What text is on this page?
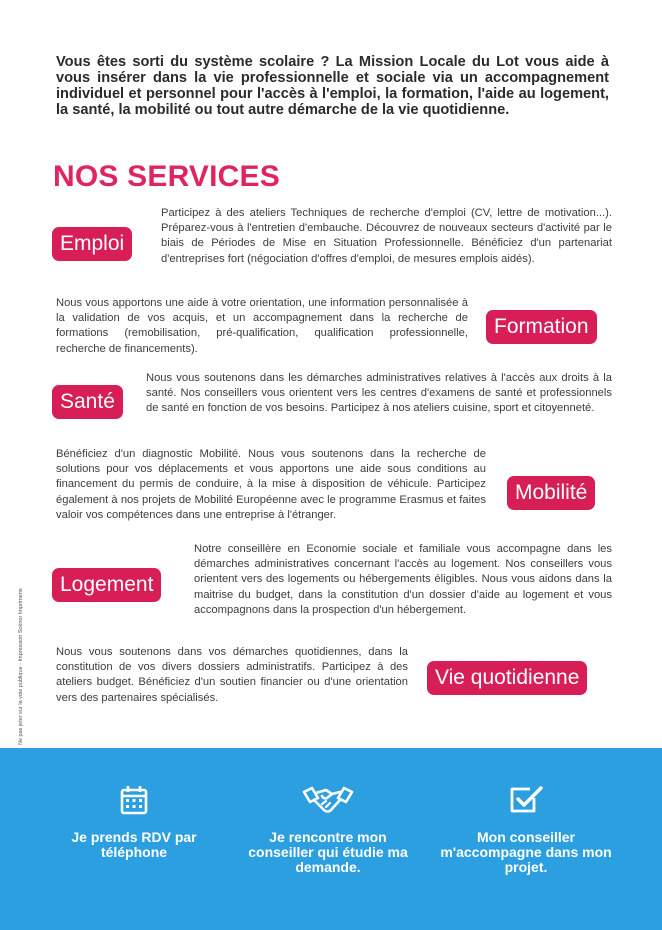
Vous êtes sorti du système scolaire ? La Mission Locale du Lot vous aide à vous insérer dans la vie professionnelle et sociale via un accompagnement individuel et personnel pour l'accès à l'emploi, la formation, l'aide au logement, la santé, la mobilité ou tout autre démarche de la vie quotidienne.
NOS SERVICES
Emploi
Participez à des ateliers Techniques de recherche d'emploi (CV, lettre de motivation...). Préparez-vous à l'entretien d'embauche. Découvrez de nouveaux secteurs d'activité par le biais de Périodes de Mise en Situation Professionnelle. Bénéficiez d'un partenariat d'entreprises fort (négociation d'offres d'emploi, de mesures emplois aidés).
Nous vous apportons une aide à votre orientation, une information personnalisée à la validation de vos acquis, et un accompagnement dans la recherche de formations (remobilisation, pré-qualification, qualification professionnelle, recherche de financements).
Formation
Santé
Nous vous soutenons dans les démarches administratives relatives à l'accès aux droits à la santé. Nos conseillers vous orientent vers les centres d'examens de santé et professionnels de santé en fonction de vos besoins. Participez à nos ateliers cuisine, sport et citoyenneté.
Bénéficiez d'un diagnostic Mobilité. Nous vous soutenons dans la recherche de solutions pour vos déplacements et vous apportons une aide sous conditions au financement du permis de conduire, à la mise à disposition de véhicule. Participez également à nos projets de Mobilité Européenne avec le programme Erasmus et faites valoir vos compétences dans une entreprise à l'étranger.
Mobilité
Logement
Notre conseillère en Economie sociale et familiale vous accompagne dans les démarches administratives concernant l'accès au logement. Nos conseillers vous orientent vers des logements ou hébergements éligibles. Nous vous aidons dans la maitrise du budget, dans la constitution d'un dossier d'aide au logement et vous accompagnons dans la prospection d'un hébergement.
Nous vous soutenons dans vos démarches quotidiennes, dans la constitution de vos divers dossiers administratifs. Participez à des ateliers budget. Bénéficiez d'un soutien financier ou d'une orientation vers des partenaires spécialisés.
Vie quotidienne
Ne pas jeter sur la voie publique - Impression Scénor Imprimerie
Je prends RDV par téléphone
Je rencontre mon conseiller qui étudie ma demande.
Mon conseiller m'accompagne dans mon projet.
